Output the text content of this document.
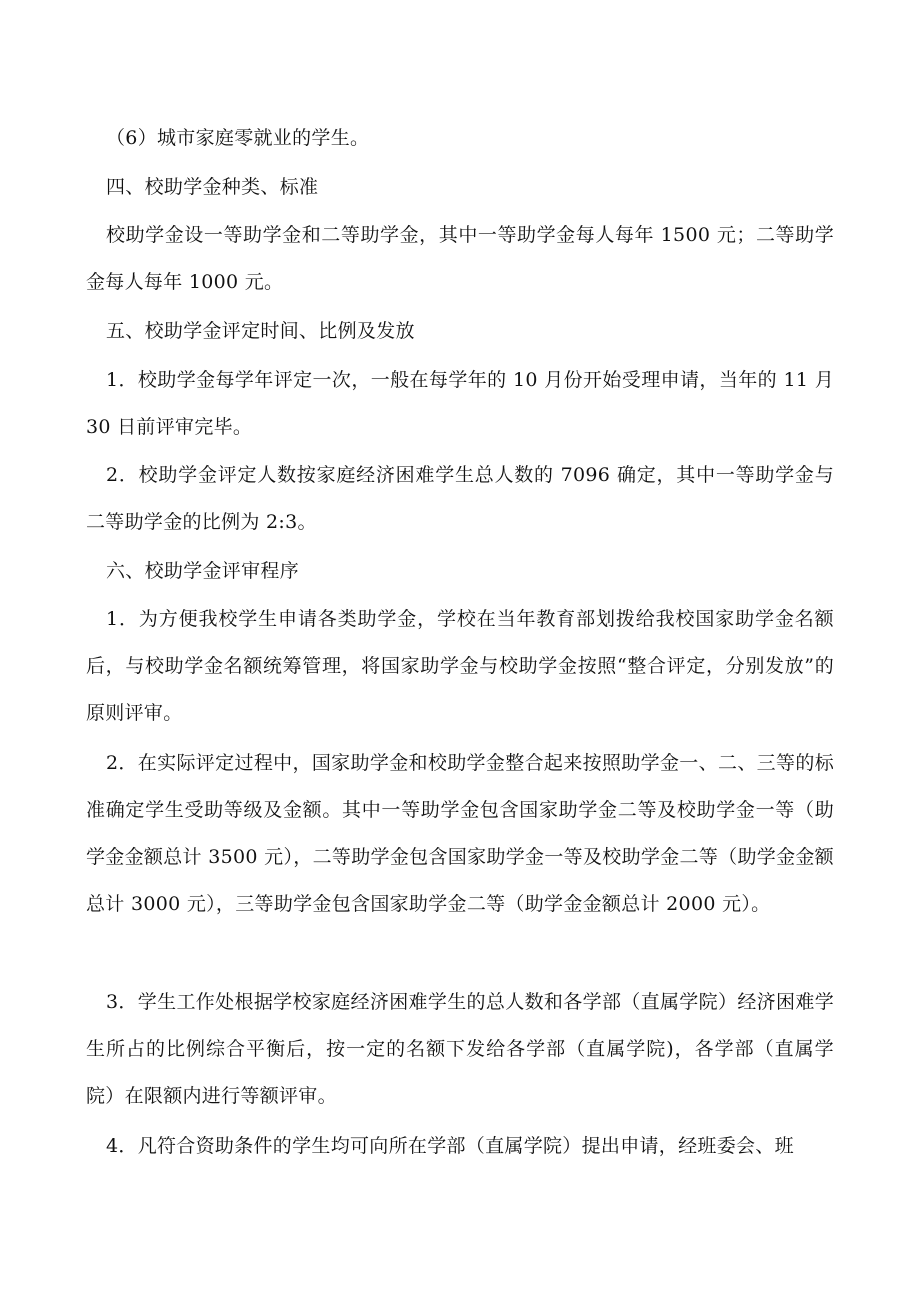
（6）城市家庭零就业的学生。

四、校助学金种类、标准

校助学金设一等助学金和二等助学金，其中一等助学金每人每年 1500 元；二等助学金每人每年 1000 元。

五、校助学金评定时间、比例及发放

1．校助学金每学年评定一次，一般在每学年的 10 月份开始受理申请，当年的 11 月 30 日前评审完毕。

2．校助学金评定人数按家庭经济困难学生总人数的 7096 确定，其中一等助学金与二等助学金的比例为 2:3。

六、校助学金评审程序

1．为方便我校学生申请各类助学金，学校在当年教育部划拨给我校国家助学金名额后，与校助学金名额统筹管理，将国家助学金与校助学金按照“整合评定，分别发放”的原则评审。

2．在实际评定过程中，国家助学金和校助学金整合起来按照助学金一、二、三等的标准确定学生受助等级及金额。其中一等助学金包含国家助学金二等及校助学金一等（助学金金额总计 3500 元），二等助学金包含国家助学金一等及校助学金二等（助学金金额总计 3000 元），三等助学金包含国家助学金二等（助学金金额总计 2000 元）。

3．学生工作处根据学校家庭经济困难学生的总人数和各学部（直属学院）经济困难学生所占的比例综合平衡后，按一定的名额下发给各学部（直属学院)，各学部（直属学院）在限额内进行等额评审。

4．凡符合资助条件的学生均可向所在学部（直属学院）提出申请，经班委会、班
